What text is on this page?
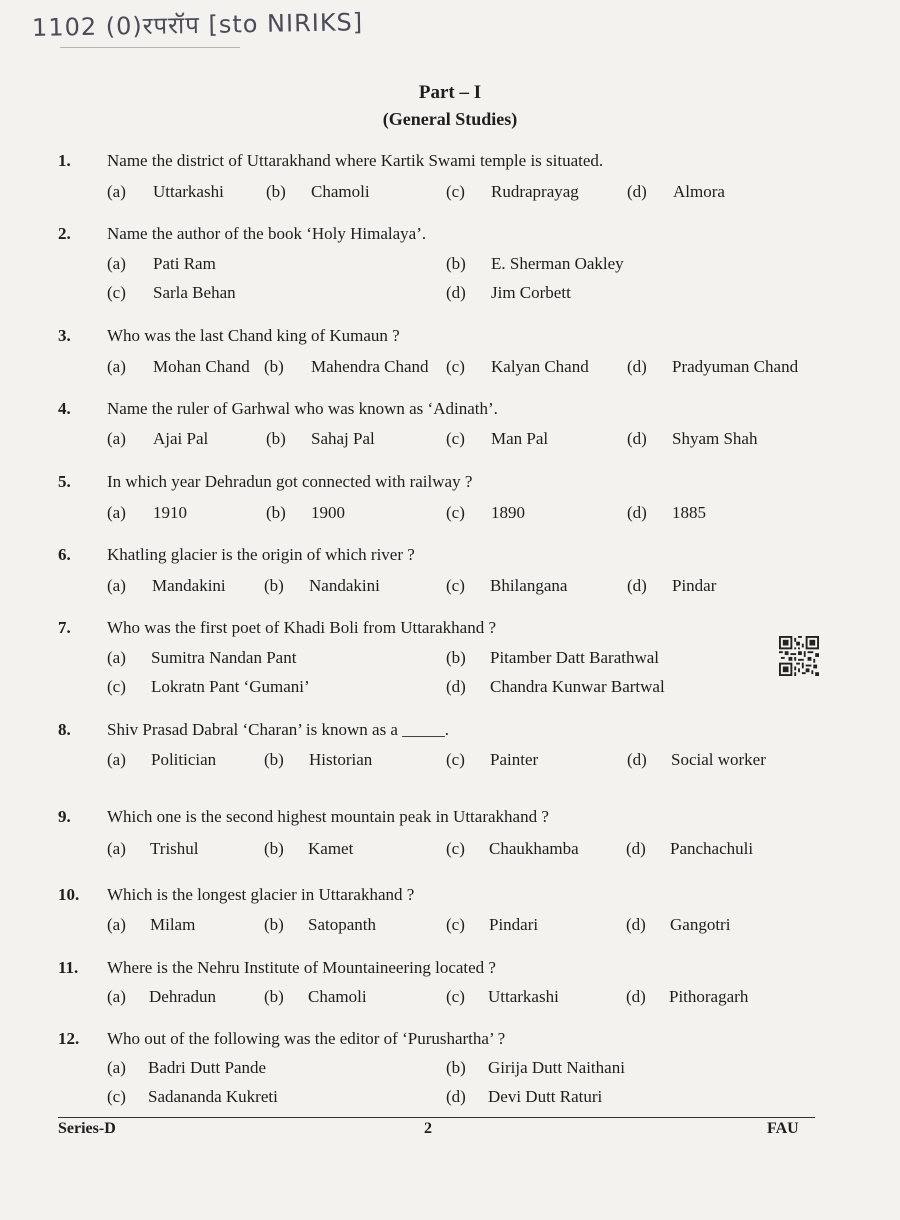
1102 (0)रपरॉप [sto NIRIKS]
Part – I
(General Studies)
1. Name the district of Uttarakhand where Kartik Swami temple is situated.
(a) Uttarkashi (b) Chamoli	(c) Rudraprayag	(d) Almora
2. Name the author of the book ‘Holy Himalaya’.
(a) Pati Ram	(b) E. Sherman Oakley
(c) Sarla Behan	(d) Jim Corbett
3. Who was the last Chand king of Kumaun ?
(a) Mohan Chand (b) Mahendra Chand (c) Kalyan Chand (d) Pradyuman Chand
4. Name the ruler of Garhwal who was known as ‘Adinath’.
(a) Ajai Pal	(b) Sahaj Pal	(c) Man Pal	(d) Shyam Shah
5. In which year Dehradun got connected with railway ?
(a) 1910	(b) 1900	(c) 1890	(d) 1885
6. Khatling glacier is the origin of which river ?
(a) Mandakini (b) Nandakini	(c) Bhilangana	(d) Pindar
7. Who was the first poet of Khadi Boli from Uttarakhand ?
(a) Sumitra Nandan Pant	(b) Pitamber Datt Barathwal
(c) Lokratn Pant ‘Gumani’	(d) Chandra Kunwar Bartwal
8. Shiv Prasad Dabral ‘Charan’ is known as a _____.
(a) Politician	(b) Historian	(c) Painter	(d) Social worker
9. Which one is the second highest mountain peak in Uttarakhand ?
(a) Trishul	(b) Kamet	(c) Chaukhamba	(d) Panchachuli
10. Which is the longest glacier in Uttarakhand ?
(a) Milam	(b) Satopanth	(c) Pindari	(d) Gangotri
11. Where is the Nehru Institute of Mountaineering located ?
(a) Dehradun	(b) Chamoli	(c) Uttarkashi	(d) Pithoragarh
12. Who out of the following was the editor of ‘Purushartha’ ?
(a) Badri Dutt Pande	(b) Girija Dutt Naithani
(c) Sadananda Kukreti	(d) Devi Dutt Raturi
Series-D	2	FAU
